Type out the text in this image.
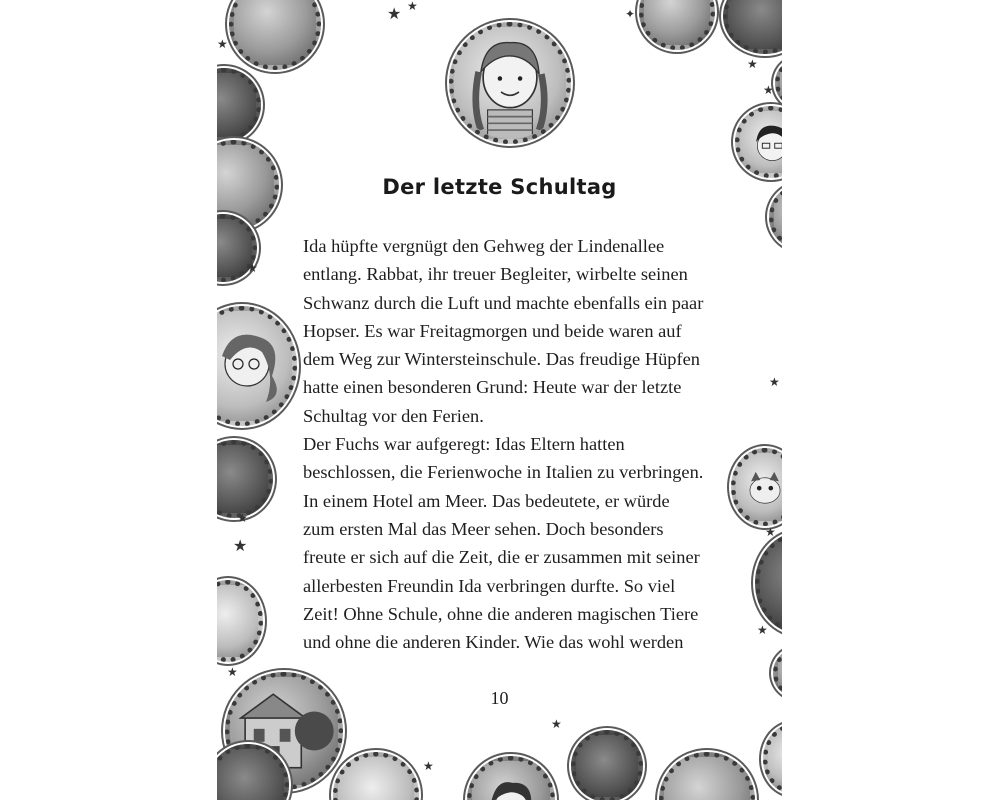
★ ★
✦
★
★
★
★
★
★
★
★
★
★
★
★
Der letzte Schultag
Ida hüpfte vergnügt den Gehweg der Lindenallee
entlang. Rabbat, ihr treuer Begleiter, wirbelte seinen
Schwanz durch die Luft und machte ebenfalls ein paar
Hopser. Es war Freitagmorgen und beide waren auf
dem Weg zur Wintersteinschule. Das freudige Hüpfen
hatte einen besonderen Grund: Heute war der letzte
Schultag vor den Ferien.
Der Fuchs war aufgeregt: Idas Eltern hatten
beschlossen, die Ferienwoche in Italien zu verbringen.
In einem Hotel am Meer. Das bedeutete, er würde
zum ersten Mal das Meer sehen. Doch besonders
freute er sich auf die Zeit, die er zusammen mit seiner
allerbesten Freundin Ida verbringen durfte. So viel
Zeit! Ohne Schule, ohne die anderen magischen Tiere
und ohne die anderen Kinder. Wie das wohl werden
10
